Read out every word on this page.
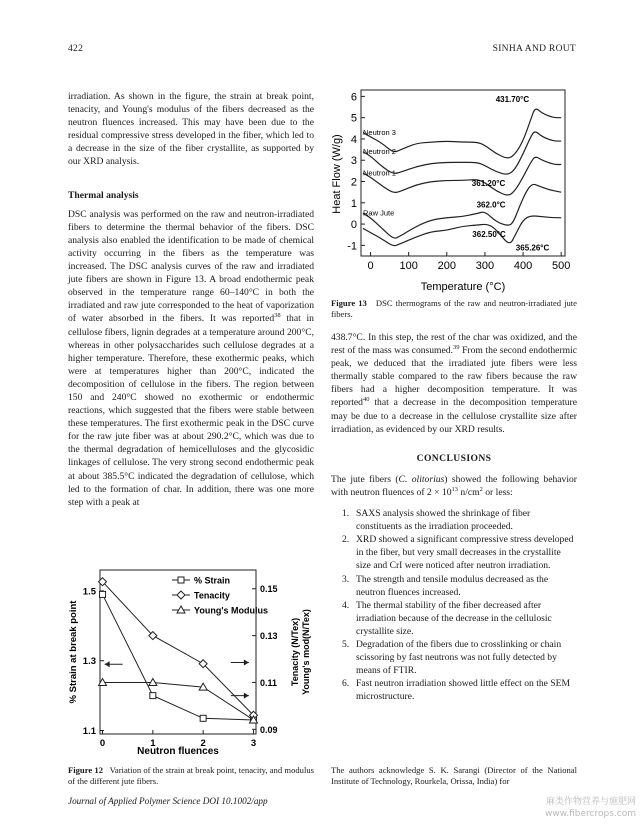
422	SINHA AND ROUT

irradiation. As shown in the figure, the strain at break point, tenacity, and Young's modulus of the fibers decreased as the neutron fluences increased. This may have been due to the residual compressive stress developed in the fiber, which led to a decrease in the size of the fiber crystallite, as supported by our XRD analysis.

Thermal analysis

DSC analysis was performed on the raw and neutron-irradiated fibers to determine the thermal behavior of the fibers. DSC analysis also enabled the identification to be made of chemical activity occurring in the fibers as the temperature was increased. The DSC analysis curves of the raw and irradiated jute fibers are shown in Figure 13. A broad endothermic peak observed in the temperature range 60–140°C in both the irradiated and raw jute corresponded to the heat of vaporization of water absorbed in the fibers. It was reported$^{38}$ that in cellulose fibers, lignin degrades at a temperature around 200°C, whereas in other polysaccharides such cellulose degrades at a higher temperature. Therefore, these exothermic peaks, which were at temperatures higher than 200°C, indicated the decomposition of cellulose in the fibers. The region between 150 and 240°C showed no exothermic or endothermic reactions, which suggested that the fibers were stable between these temperatures. The first exothermic peak in the DSC curve for the raw jute fiber was at about 290.2°C, which was due to the thermal degradation of hemicelluloses and the glycosidic linkages of cellulose. The very strong second endothermic peak at about 385.5°C indicated the degradation of cellulose, which led to the formation of char. In addition, there was one more step with a peak at

0	1	2	3
1.1
1.3
1.5
0.09
0.11
0.13
0.15
% Strain
Tenacity
Young's Modulus
Neutron fluences
% Strain at break point	Tenacity (N/Tex) Young's mod(N/Tex)
Figure 12 Variation of the strain at break point, tenacity, and modulus of the different jute fibers.
0 100 200 300 400 500
-1
0
1
2
3
4
5
6
Neutron 3
Neutron 2
Neutron 1
Raw Jute
431.70°C
361.20°C
362.0°C
362.50°C
365.26°C
Temperature (°C)
Heat Flow (W/g)
Figure 13 DSC thermograms of the raw and neutron-irradiated jute fibers.

438.7°C. In this step, the rest of the char was oxidized, and the rest of the mass was consumed.$^{39}$ From the second endothermic peak, we deduced that the irradiated jute fibers were less thermally stable compared to the raw fibers because the raw fibers had a higher decomposition temperature. It was reported$^{40}$ that a decrease in the decomposition temperature may be due to a decrease in the cellulose crystallite size after irradiation, as evidenced by our XRD results.

CONCLUSIONS

The jute fibers (C. olitorius) showed the following behavior with neutron fluences of $2 \times 10^{13}$ $n/cm^2$ or less:

1. SAXS analysis showed the shrinkage of fiber constituents as the irradiation proceeded.
2. XRD showed a significant compressive stress developed in the fiber, but very small decreases in the crystallite size and CrI were noticed after neutron irradiation.
3. The strength and tensile modulus decreased as the neutron fluences increased.
4. The thermal stability of the fiber decreased after irradiation because of the decrease in the cellulosic crystallite size.
5. Degradation of the fibers due to crosslinking or chain scissoring by fast neutrons was not fully detected by means of FTIR.
6. Fast neutron irradiation showed little effect on the SEM microstructure.
The authors acknowledge S. K. Sarangi (Director of the National Institute of Technology, Rourkela, Orissa, India) for
Journal of Applied Polymer Science DOI 10.1002/app	麻类作物营养与施肥网
www.fibercrops.com
